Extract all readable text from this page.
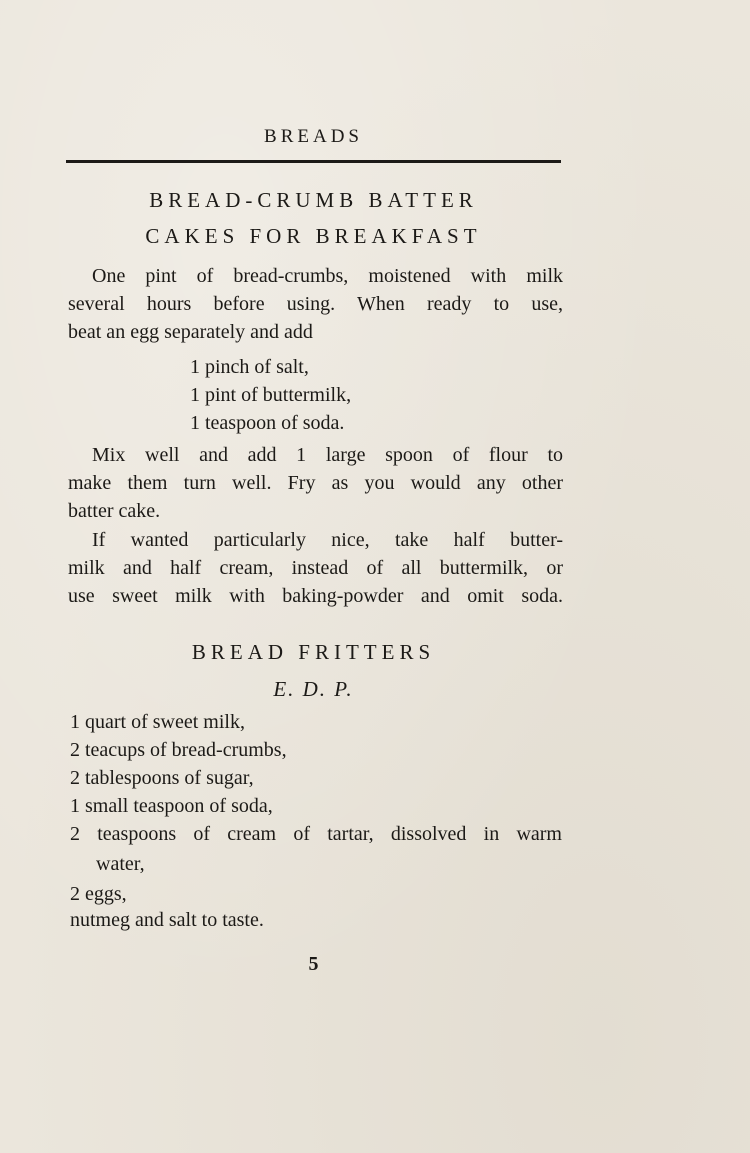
BREADS
BREAD-CRUMB BATTER
CAKES FOR BREAKFAST
One pint of bread-crumbs, moistened with milk
several hours before using. When ready to use,
beat an egg separately and add
1 pinch of salt,
1 pint of buttermilk,
1 teaspoon of soda.
Mix well and add 1 large spoon of flour to
make them turn well. Fry as you would any other
batter cake.
If wanted particularly nice, take half butter-
milk and half cream, instead of all buttermilk, or
use sweet milk with baking-powder and omit soda.
BREAD FRITTERS
E. D. P.
1 quart of sweet milk,
2 teacups of bread-crumbs,
2 tablespoons of sugar,
1 small teaspoon of soda,
2 teaspoons of cream of tartar, dissolved in warm
water,
2 eggs,
nutmeg and salt to taste.
5
